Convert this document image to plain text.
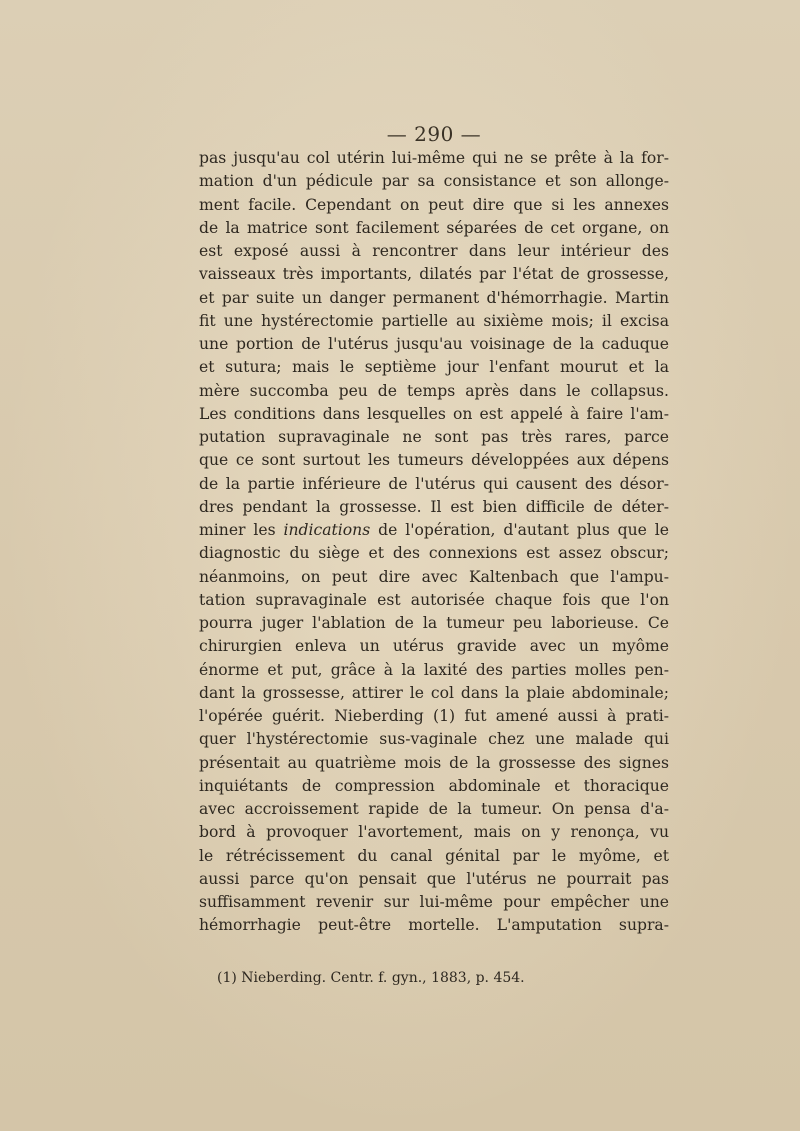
— 290 —
pas jusqu'au col utérin lui-même qui ne se prête à la for-
mation d'un pédicule par sa consistance et son allonge-
ment facile. Cependant on peut dire que si les annexes
de la matrice sont facilement séparées de cet organe, on
est exposé aussi à rencontrer dans leur intérieur des
vaisseaux très importants, dilatés par l'état de grossesse,
et par suite un danger permanent d'hémorrhagie. Martin
fit une hystérectomie partielle au sixième mois; il excisa
une portion de l'utérus jusqu'au voisinage de la caduque
et sutura; mais le septième jour l'enfant mourut et la
mère succomba peu de temps après dans le collapsus.
Les conditions dans lesquelles on est appelé à faire l'am-
putation supravaginale ne sont pas très rares, parce
que ce sont surtout les tumeurs développées aux dépens
de la partie inférieure de l'utérus qui causent des désor-
dres pendant la grossesse. Il est bien difficile de déter-
miner les indications de l'opération, d'autant plus que le
diagnostic du siège et des connexions est assez obscur;
néanmoins, on peut dire avec Kaltenbach que l'ampu-
tation supravaginale est autorisée chaque fois que l'on
pourra juger l'ablation de la tumeur peu laborieuse. Ce
chirurgien enleva un utérus gravide avec un myôme
énorme et put, grâce à la laxité des parties molles pen-
dant la grossesse, attirer le col dans la plaie abdominale;
l'opérée guérit. Nieberding (1) fut amené aussi à prati-
quer l'hystérectomie sus-vaginale chez une malade qui
présentait au quatrième mois de la grossesse des signes
inquiétants de compression abdominale et thoracique
avec accroissement rapide de la tumeur. On pensa d'a-
bord à provoquer l'avortement, mais on y renonça, vu
le rétrécissement du canal génital par le myôme, et
aussi parce qu'on pensait que l'utérus ne pourrait pas
suffisamment revenir sur lui-même pour empêcher une
hémorrhagie peut-être mortelle. L'amputation supra-
(1) Nieberding. Centr. f. gyn., 1883, p. 454.
